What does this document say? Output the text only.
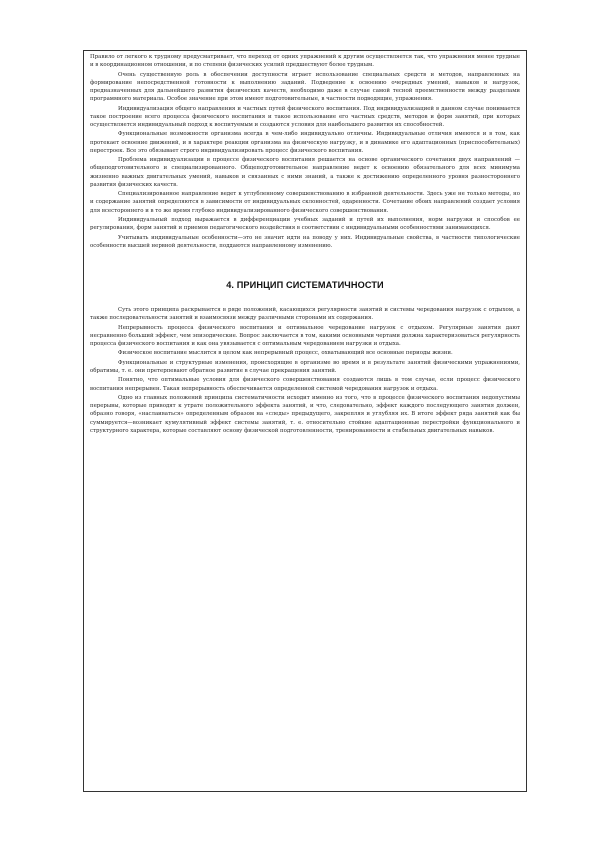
Правило от легкого к трудному предусматривает, что переход от одних упражнений к другим осуществляется так, что упражнения менее трудные и в координационном отношении, и по степени физических усилий предшествуют более трудным.

Очень существенную роль в обеспечении доступности играет использование специальных средств и методов, направленных на формирование непосредственной готовности к выполнению заданий. Подведение к освоению очередных умений, навыков и нагрузок, предназначенных для дальнейшего развития физических качеств, необходимо даже в случае самой тесной преемственности между разделами программного материала. Особое значение при этом имеют подготовительные, в частности подводящие, упражнения.

Индивидуализация общего направления и частных путей физического воспитания. Под индивидуализацией в данном случае понимается такое построение всего процесса физического воспитания и такое использование его частных средств, методов и форм занятий, при которых осуществляется индивидуальный подход к воспитуемым и создаются условия для наибольшего развития их способностей.

Функциональные возможности организма всегда в чем-либо индивидуально отличны. Индивидуальные отличия имеются и в том, как протекает освоение движений, и в характере реакции организма на физическую нагрузку, и в динамике его адаптационных (приспособительных) перестроек. Все это обязывает строго индивидуализировать процесс физического воспитания.

Проблема индивидуализации в процессе физического воспитания решается на основе органического сочетания двух направлений — общеподготовительного и специализированного. Общеподготовительное направление ведет к освоению обязательного для всех минимума жизненно важных двигательных умений, навыков и связанных с ними знаний, а также к достижению определенного уровня разностороннего развития физических качеств.

Специализированное направление ведет к углубленному совершенствованию в избранной деятельности. Здесь уже не только методы, но и содержание занятий определяются в зависимости от индивидуальных склонностей, одаренности. Сочетание обоих направлений создает условия для всестороннего и в то же время глубоко индивидуализированного физического совершенствования.

Индивидуальный подход выражается в дифференциации учебных заданий и путей их выполнения, норм нагрузки и способов ее регулирования, форм занятий и приемов педагогического воздействия в соответствии с индивидуальными особенностями занимающихся.

Учитывать индивидуальные особенности—это не значит идти на поводу у них. Индивидуальные свойства, в частности типологические особенности высшей нервной деятельности, поддаются направленному изменению.

4. ПРИНЦИП СИСТЕМАТИЧНОСТИ

Суть этого принципа раскрывается в ряде положений, касающихся регулярности занятий и системы чередования нагрузок с отдыхом, а также последовательности занятий и взаимосвязи между различными сторонами их содержания.

Непрерывность процесса физического воспитания и оптимальное чередование нагрузок с отдыхом. Регулярные занятия дают несравненно больший эффект, чем эпизодические. Вопрос заключается в том, какими основными чертами должна характеризоваться регулярность процесса физического воспитания и как она увязывается с оптимальным чередованием нагрузки и отдыха.

Физическое воспитание мыслится в целом как непрерывный процесс, охватывающий все основные периоды жизни.

Функциональные и структурные изменения, происходящие в организме во время и в результате занятий физическими упражнениями, обратимы, т. е. они претерпевают обратное развитие в случае прекращения занятий.

Понятно, что оптимальные условия для физического совершенствования создаются лишь в том случае, если процесс физического воспитания непрерывен. Такая непрерывность обеспечивается определенной системой чередования нагрузок и отдыха.

Одно из главных положений принципа систематичности исходит именно из того, что в процессе физического воспитания недопустимы перерывы, которые приводят к утрате положительного эффекта занятий, и что, следовательно, эффект каждого последующего занятия должен, образно говоря, «наслаиваться» определенным образом на «следы» предыдущего, закрепляя и углубляя их. В итоге эффект ряда занятий как бы суммируется—возникает кумулятивный эффект системы занятий, т. е. относительно стойкие адаптационные перестройки функционального и структурного характера, которые составляют основу физической подготовленности, тренированности и стабильных двигательных навыков.
